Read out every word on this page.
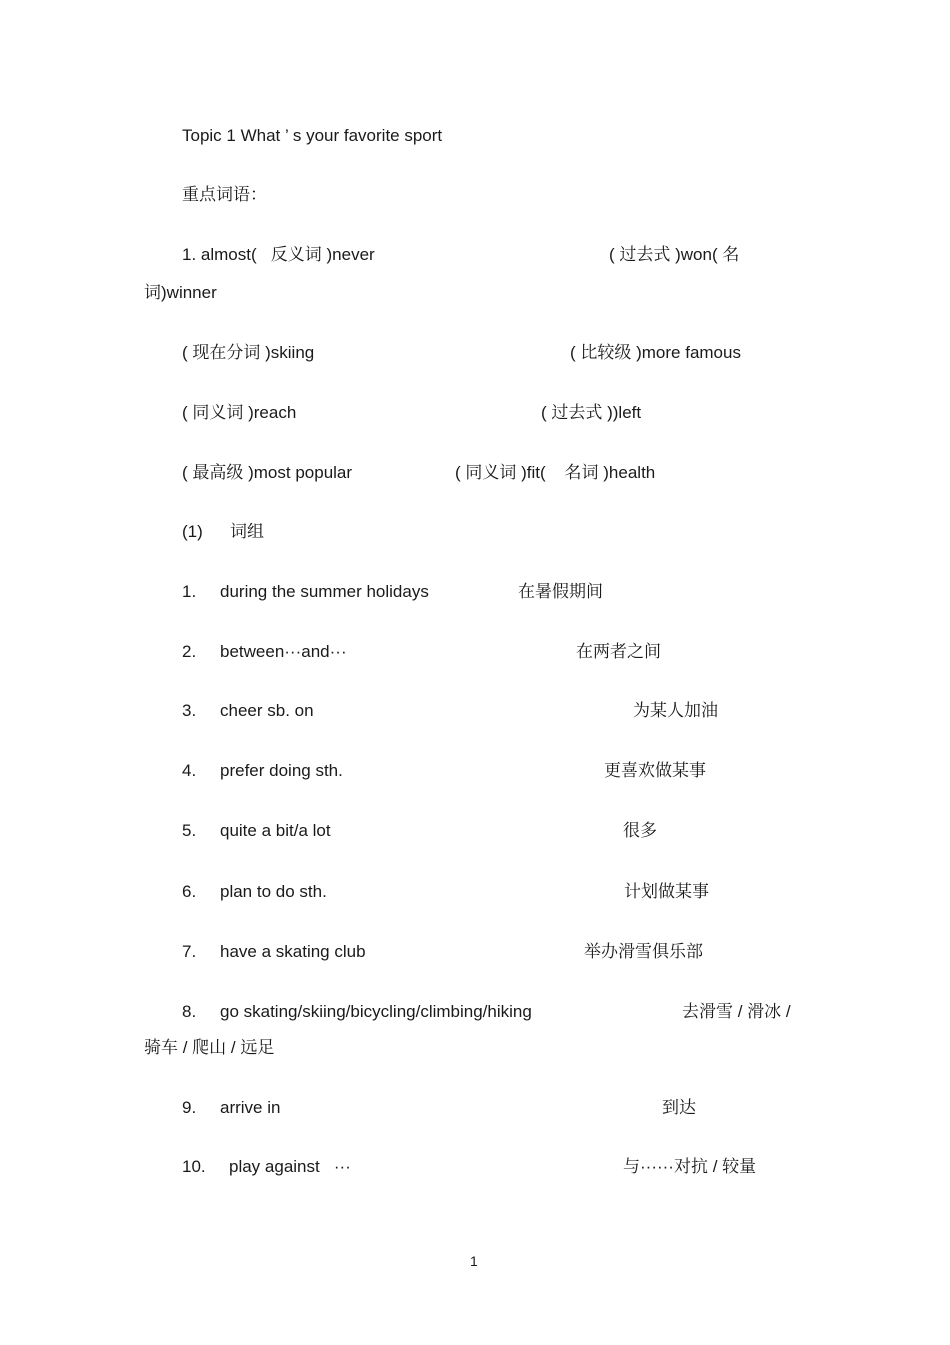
Topic 1 What ’ s your favorite sport
重点词语：
1. almost(   反义词 )never	( 过去式 )won( 名
词)winner
( 现在分词 )skiing	( 比较级 )more famous
( 同义词 )reach	( 过去式 ))left
( 最高级 )most popular	( 同义词 )fit(    名词 )health
(1) 词组
1. during the summer holidays	在暑假期间
2. between···and···	在两者之间
3. cheer sb. on	为某人加油
4. prefer doing sth.	更喜欢做某事
5. quite a bit/a lot	很多
6. plan to do sth.	计划做某事
7. have a skating club	举办滑雪俱乐部
8. go skating/skiing/bicycling/climbing/hiking	去滑雪 / 滑冰 /
骑车 / 爬山 / 远足
9. arrive in	到达
10. play against   ···	与······对抗 / 较量
1
